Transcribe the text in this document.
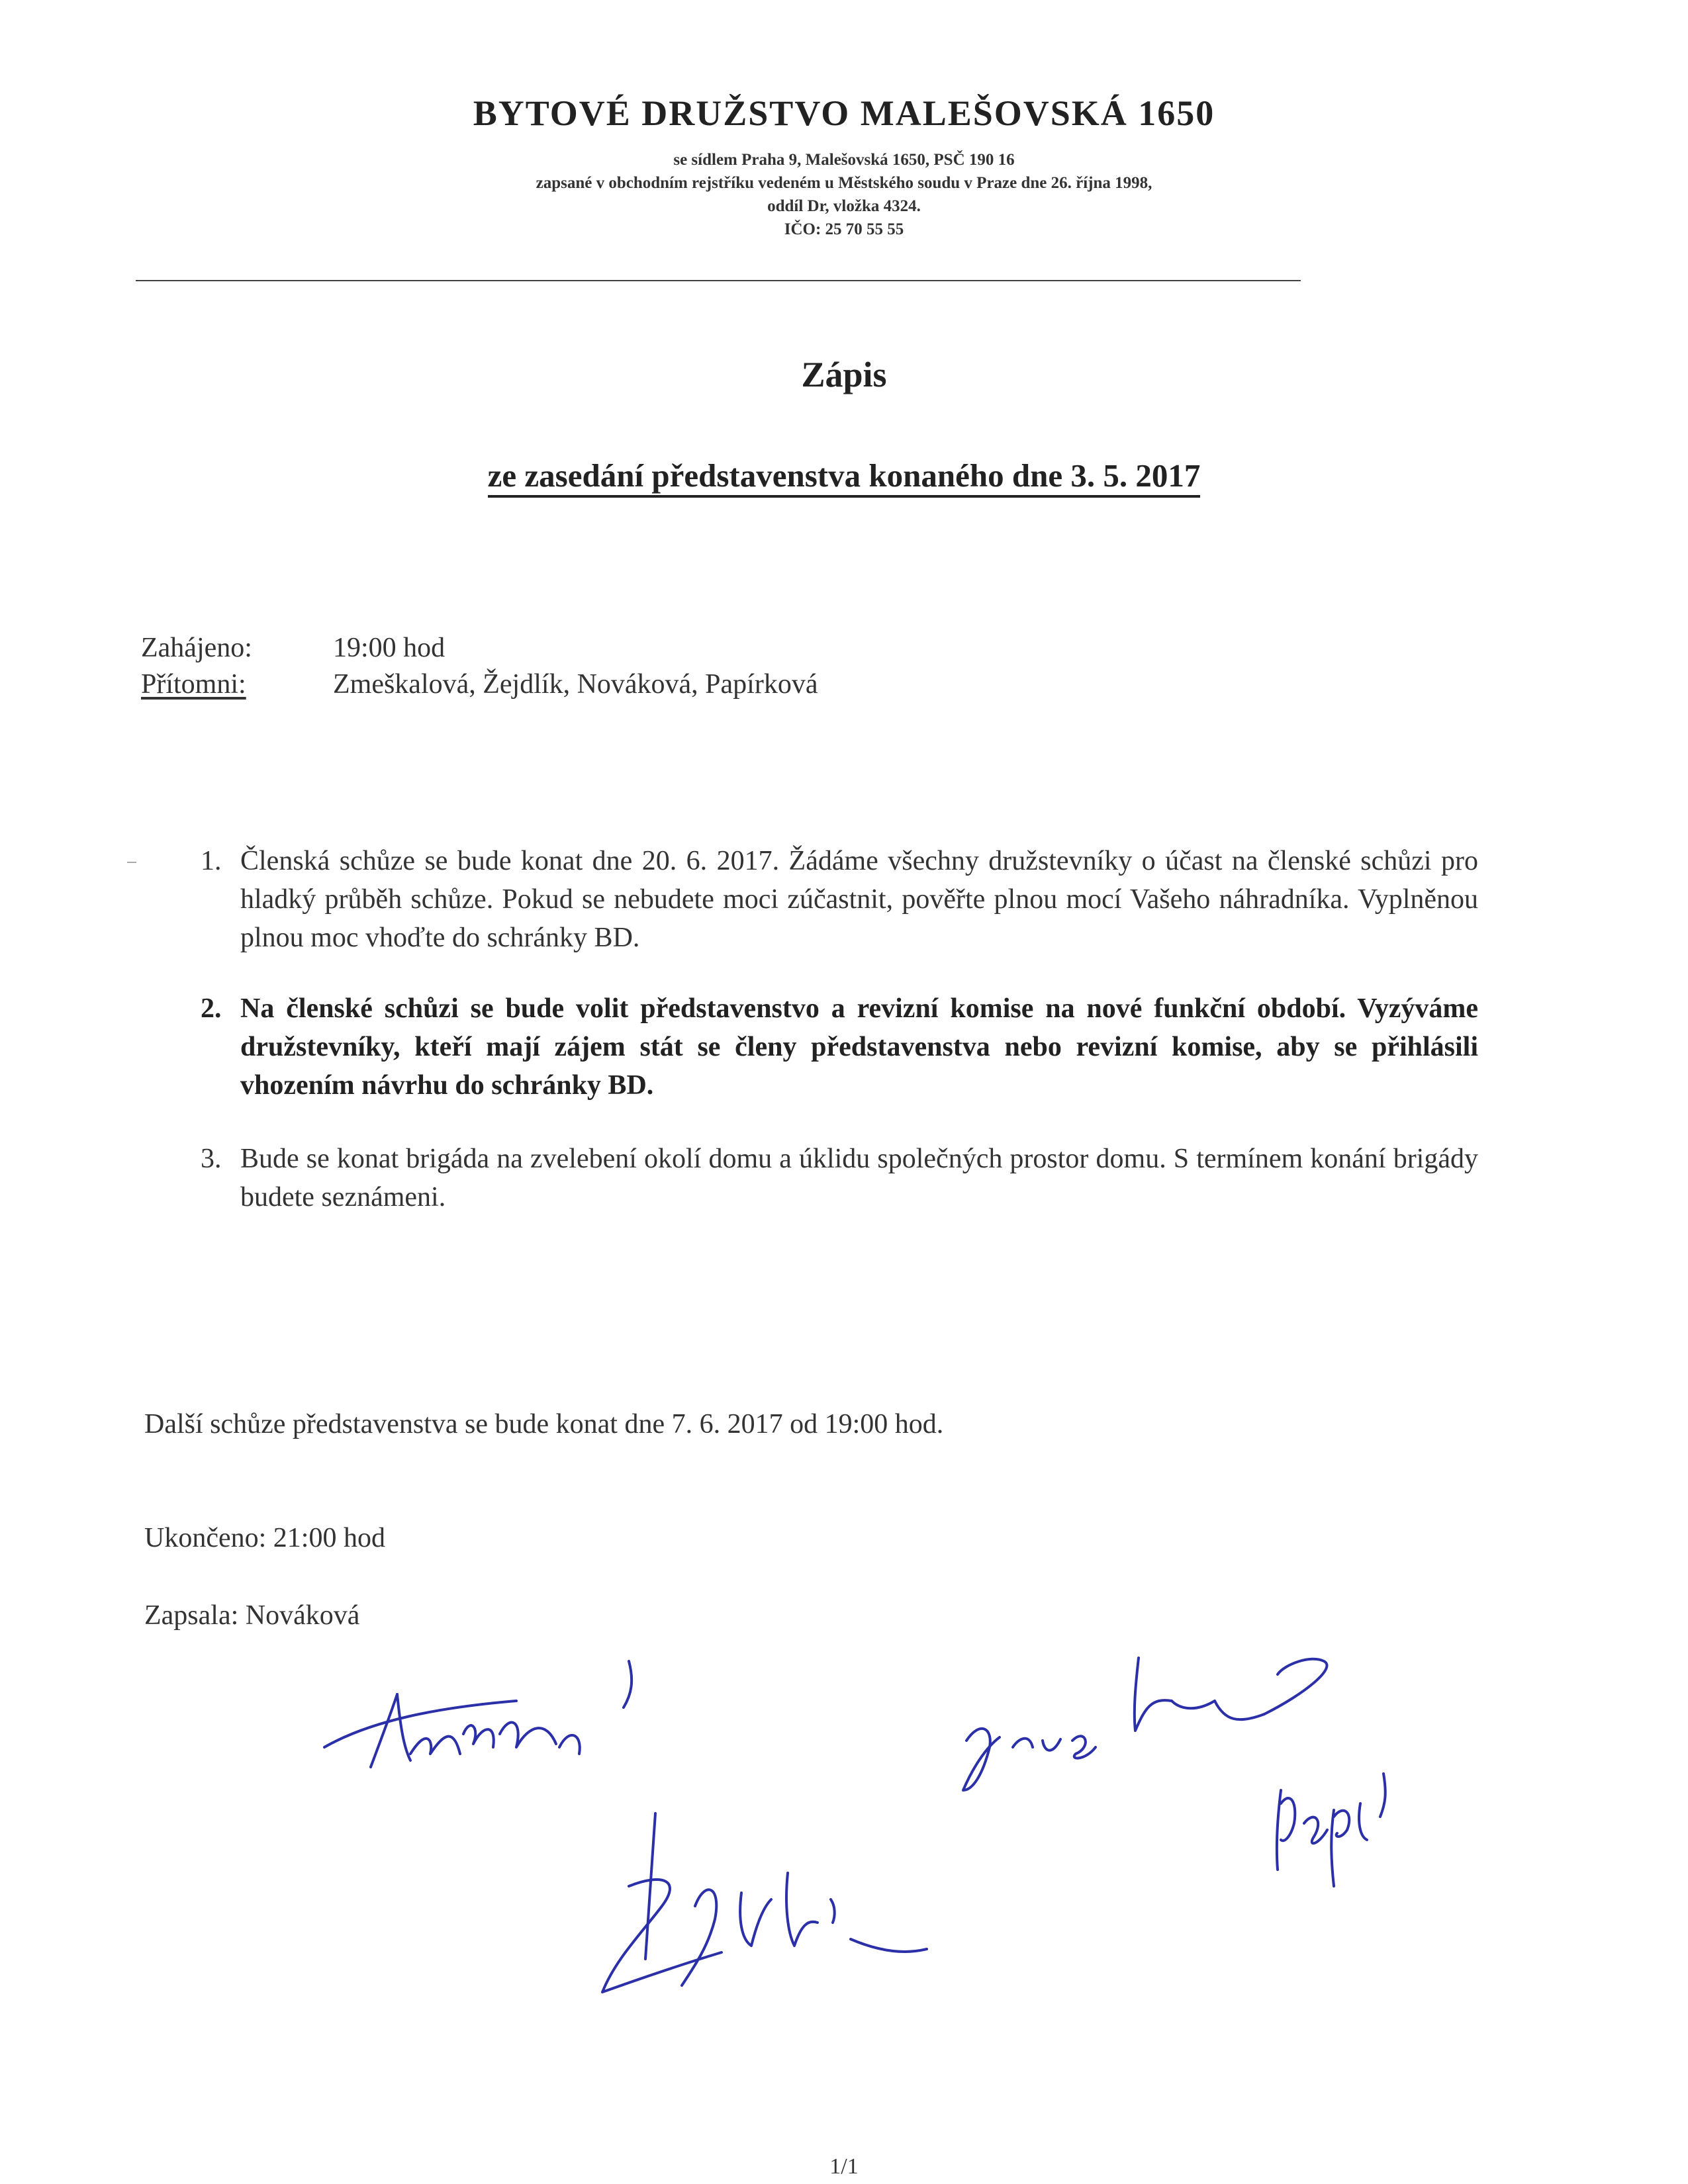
BYTOVÉ DRUŽSTVO MALEŠOVSKÁ 1650
se sídlem Praha 9, Malešovská 1650, PSČ 190 16
zapsané v obchodním rejstříku vedeném u Městského soudu v Praze dne 26. října 1998,
oddíl Dr, vložka 4324.
IČO: 25 70 55 55
Zápis
ze zasedání představenstva konaného dne 3. 5. 2017
Zahájeno:	19:00 hod
Přítomni:	Zmeškalová, Žejdlík, Nováková, Papírková
1. Členská schůze se bude konat dne 20. 6. 2017. Žádáme všechny družstevníky o účast na členské schůzi pro hladký průběh schůze. Pokud se nebudete moci zúčastnit, pověřte plnou mocí Vašeho náhradníka. Vyplněnou plnou moc vhoďte do schránky BD.
2. Na členské schůzi se bude volit představenstvo a revizní komise na nové funkční období. Vyzýváme družstevníky, kteří mají zájem stát se členy představenstva nebo revizní komise, aby se přihlásili vhozením návrhu do schránky BD.
3. Bude se konat brigáda na zvelebení okolí domu a úklidu společných prostor domu. S termínem konání brigády budete seznámeni.
Další schůze představenstva se bude konat dne 7. 6. 2017 od 19:00 hod.
Ukončeno: 21:00 hod
Zapsala: Nováková
1/1
